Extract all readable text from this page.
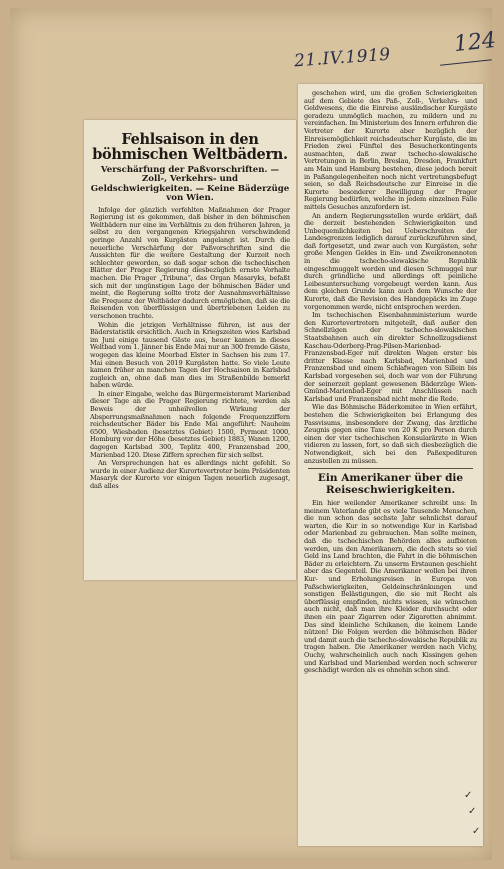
21.IV.1919
124
Fehlsaison in den böhmischen Weltbädern.
Verschärfung der Paßvorschriften. — Zoll-, Verkehrs- und Geldschwierigkeiten. — Keine Bäderzüge von Wien.

Infolge der gänzlich verfehlten Maßnahmen der Prager Regierung ist es gekommen, daß bisher in den böhmischen Weltbädern nur eine im Verhältnis zu den früheren Jahren, ja selbst zu den vergangenen Kriegsjahren verschwindend geringe Anzahl von Kurgästen angelangt ist. Durch die neuerliche Verschärfung der Paßvorschriften sind die Aussichten für die weitere Gestaltung der Kurzeit noch schlechter geworden, so daß sogar schon die tschechischen Blätter der Prager Regierung diesbezüglich ernste Vorhalte machen. Die Prager „Tribuna“, das Organ Masaryks, befaßt sich mit der ungünstigen Lage der böhmischen Bäder und meint, die Regierung sollte trotz der Ausnahmsverhältnisse die Frequenz der Weltbäder dadurch ermöglichen, daß sie die Reisenden von überflüssigen und übertriebenen Leiden zu verschonen trachte.

Wohin die jetzigen Verhältnisse führen, ist aus der Bäderstatistik ersichtlich. Auch in Kriegszeiten wies Karlsbad im Juni einige tausend Gäste aus, heuer kamen in dieses Weltbad vom 1. Jänner bis Ende Mai nur an 300 fremde Gäste, wogegen das kleine Moorbad Elster in Sachsen bis zum 17. Mai einen Besuch von 2019 Kurgästen hatte. So viele Leute kamen früher an manchen Tagen der Hochsaison in Karlsbad zugleich an, ohne daß man dies im Straßenbilde bemerkt haben würde.

In einer Eingabe, welche das Bürgermeisteramt Marienbad dieser Tage an die Prager Regierung richtete, werden als Beweis der unheilvollen Wirkung der Absperrungsmaßnahmen nach folgende Frequenzziffern reichsdeutscher Bäder bis Ende Mai angeführt: Nauheim 6500, Wiesbaden (besetztes Gebiet) 1500, Pyrmont 1000, Homburg vor der Höhe (besetztes Gebiet) 1883, Wanen 1200, dagegen Karlsbad 300, Teplitz 400, Franzensbad 200, Marienbad 120. Diese Ziffern sprechen für sich selbst.

An Versprechungen hat es allerdings nicht gefehlt. So wurde in einer Audienz der Kurortevertreter beim Präsidenten Masaryk der Kurorte vor einigen Tagen neuerlich zugesagt, daß alles

geschehen wird, um die großen Schwierigkeiten auf dem Gebiete des Paß-, Zoll-, Verkehrs- und Geldwesens, die die Einreise ausländischer Kurgäste geradezu unmöglich machen, zu mildern und zu vereinfachen. Im Ministerium des Innern erfuhren die Vertreter der Kurorte aber bezüglich der Einreisemöglichkeit reichsdeutscher Kurgäste, die im Frieden zwei Fünftel des Besucherkontingents ausmachten, daß zwar tschecho-slowakische Vertretungen in Berlin, Breslau, Dresden, Frankfurt am Main und Hamburg bestehen, diese jedoch bereit in Paßangelegenheiten noch nicht vertretungsbefugt seien, so daß Reichsdeutsche zur Einreise in die Kurorte besonderer Bewilligung der Prager Regierung bedürfen, welche in jedem einzelnen Falle mittels Gesuches anzufordern ist.

An andern Regierungsstellen wurde erklärt, daß die derzeit bestehenden Schwierigkeiten und Unbequemlichkeiten bei Ueberschreiten der Landesgrenzen lediglich darauf zurückzuführen sind, daß fortgesetzt, und zwar auch von Kurgästen, sehr große Mengen Geldes in Ein- und Zweikronennoten in die tschecho-slowakische Republik eingeschmuggelt werden und diesen Schmuggel nur durch gründliche und allerdings oft peinliche Leibesuntersuchung vorgebeugt werden kann. Aus dem gleichen Grunde kann auch dem Wunsche der Kurorte, daß die Revision des Handgepäcks im Zuge vorgenommen werde, nicht entsprochen werden.

Im tschechischen Eisenbahnministerium wurde den Kurortevertretern mitgeteilt, daß außer den Schnellzügen der tschecho-slowakischen Staatsbahnen auch ein direkter Schnellzugsdienst Kaschau-Oderberg-Prag-Pilsen-Marienbad-Franzensbad-Eger mit direkten Wagen erster bis dritter Klasse nach Karlsbad, Marienbad und Franzensbad und einem Schlafwagen von Sillein bis Karlsbad vorgesehen sei, doch war von der Führung der seinerzeit geplant gewesenen Bäderzüge Wien-Gmünd-Marienbad-Eger mit Anschlüssen nach Karlsbad und Franzensbad nicht mehr die Rede.

Wie das Böhmische Bäderkomitee in Wien erfährt, bestehen die Schwierigkeiten bei Erlangung des Passvisums, insbesondere der Zwang, das ärztliche Zeugnis gegen eine Taxe von 20 K pro Person durch einen der vier tschechischen Konsularärzte in Wien vidieren zu lassen, fort, so daß sich diesbezüglich die Notwendigkeit, sich bei den Paßexpedituren anzustellen zu müssen.

Ein Amerikaner über die Reiseschwierigkeiten.

Ein hier weilender Amerikaner schreibt uns: In meinem Vaterlande gibt es viele Tausende Menschen, die nun schon das sechste Jahr sehnlichst darauf warten, die Kur in so notwendige Kur in Karlsbad oder Marienbad zu gebrauchen. Man sollte meinen, daß die tschechischen Behörden alles aufbieten werden, um den Amerikanern, die doch stets so viel Geld ins Land brachten, die Fahrt in die böhmischen Bäder zu erleichtern. Zu unserm Erstaunen geschieht aber das Gegenteil. Die Amerikaner wollen bei ihren Kur- und Erholungsreisen in Europa von Paßschwierigkeiten, Geldeinschränkungen und sonstigen Belästigungen, die sie mit Recht als überflüssig empfinden, nichts wissen, sie wünschen auch nicht, daß man ihre Kleider durchsucht oder ihnen ein paar Zigarren oder Zigaretten abnimmt. Das sind kleinliche Schikanen, die keinem Lande nützen! Die Folgen werden die böhmischen Bäder und damit auch die tschecho-slowakische Republik zu tragen haben. Die Amerikaner werden nach Vichy, Ouchy, wahrscheinlich auch nach Kissingen gehen und Karlsbad und Marienbad werden noch schwerer geschädigt werden als es ohnehin schon sind.

✓
✓
✓
